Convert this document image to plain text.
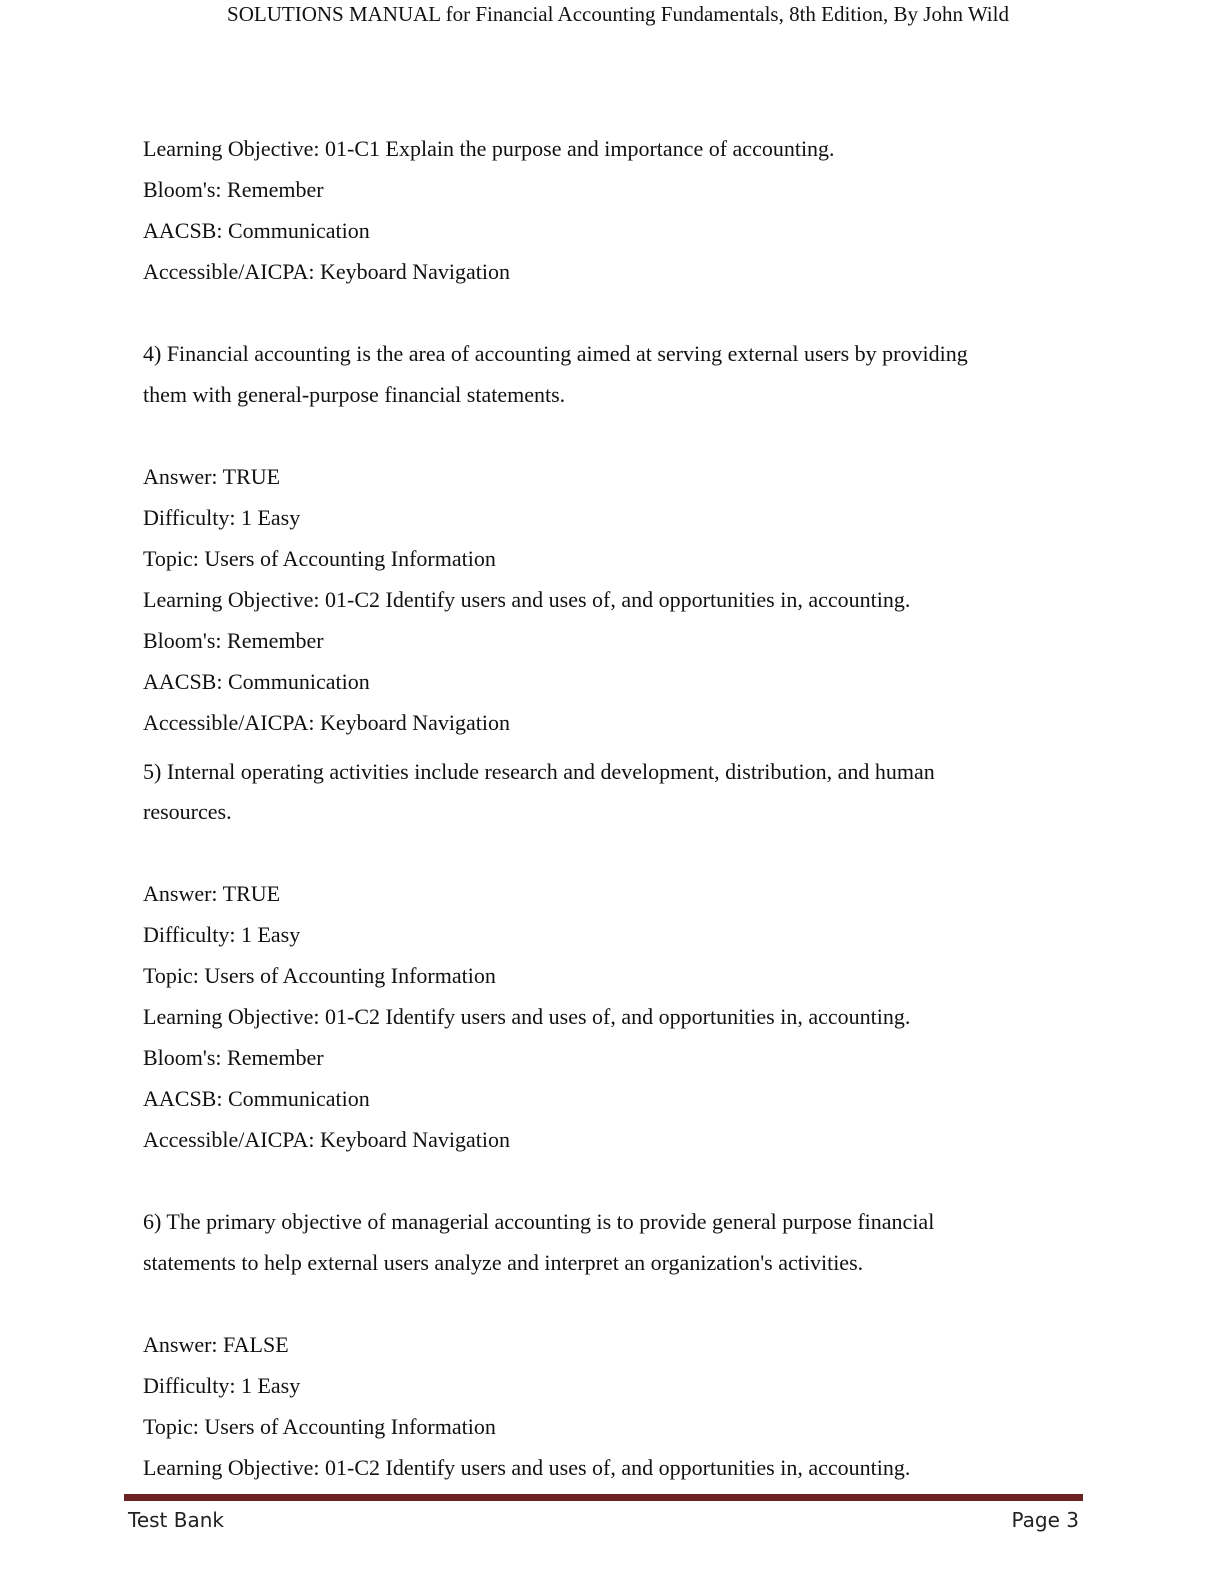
SOLUTIONS MANUAL for Financial Accounting Fundamentals, 8th Edition, By John Wild

Learning Objective: 01-C1 Explain the purpose and importance of accounting.

Bloom's: Remember

AACSB: Communication

Accessible/AICPA: Keyboard Navigation

4) Financial accounting is the area of accounting aimed at serving external users by providing

them with general-purpose financial statements.

Answer: TRUE

Difficulty: 1 Easy

Topic: Users of Accounting Information

Learning Objective: 01-C2 Identify users and uses of, and opportunities in, accounting.

Bloom's: Remember

AACSB: Communication

Accessible/AICPA: Keyboard Navigation

5) Internal operating activities include research and development, distribution, and human

resources.

Answer: TRUE

Difficulty: 1 Easy

Topic: Users of Accounting Information

Learning Objective: 01-C2 Identify users and uses of, and opportunities in, accounting.

Bloom's: Remember

AACSB: Communication

Accessible/AICPA: Keyboard Navigation

6) The primary objective of managerial accounting is to provide general purpose financial

statements to help external users analyze and interpret an organization's activities.

Answer: FALSE

Difficulty: 1 Easy

Topic: Users of Accounting Information

Learning Objective: 01-C2 Identify users and uses of, and opportunities in, accounting.

Test Bank	Page 3
